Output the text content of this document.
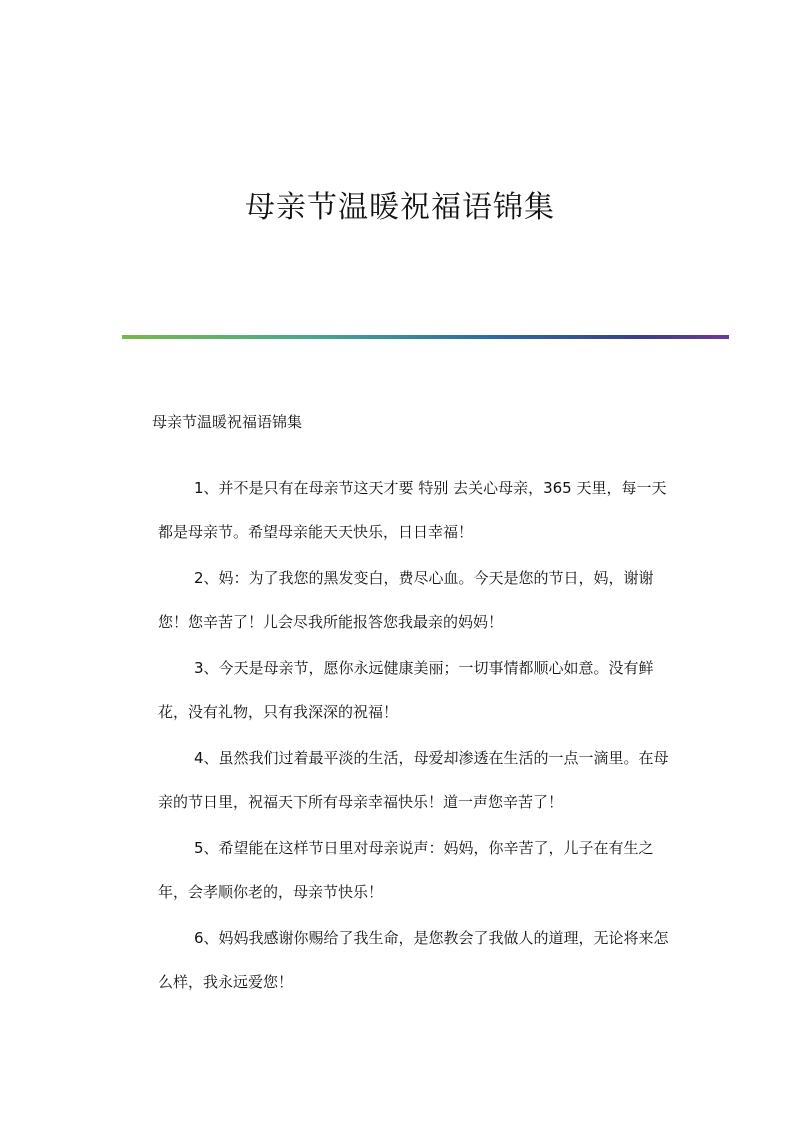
母亲节温暖祝福语锦集
母亲节温暖祝福语锦集
1、并不是只有在母亲节这天才要 特别 去关心母亲，365 天里，每一天
都是母亲节。希望母亲能天天快乐，日日幸福！
2、妈：为了我您的黑发变白，费尽心血。今天是您的节日，妈，谢谢
您！您辛苦了！儿会尽我所能报答您我最亲的妈妈！
3、今天是母亲节，愿你永远健康美丽；一切事情都顺心如意。没有鲜
花，没有礼物，只有我深深的祝福！
4、虽然我们过着最平淡的生活，母爱却渗透在生活的一点一滴里。在母
亲的节日里，祝福天下所有母亲幸福快乐！道一声您辛苦了！
5、希望能在这样节日里对母亲说声：妈妈，你辛苦了，儿子在有生之
年，会孝顺你老的，母亲节快乐！
6、妈妈我感谢你赐给了我生命，是您教会了我做人的道理，无论将来怎
么样，我永远爱您！
